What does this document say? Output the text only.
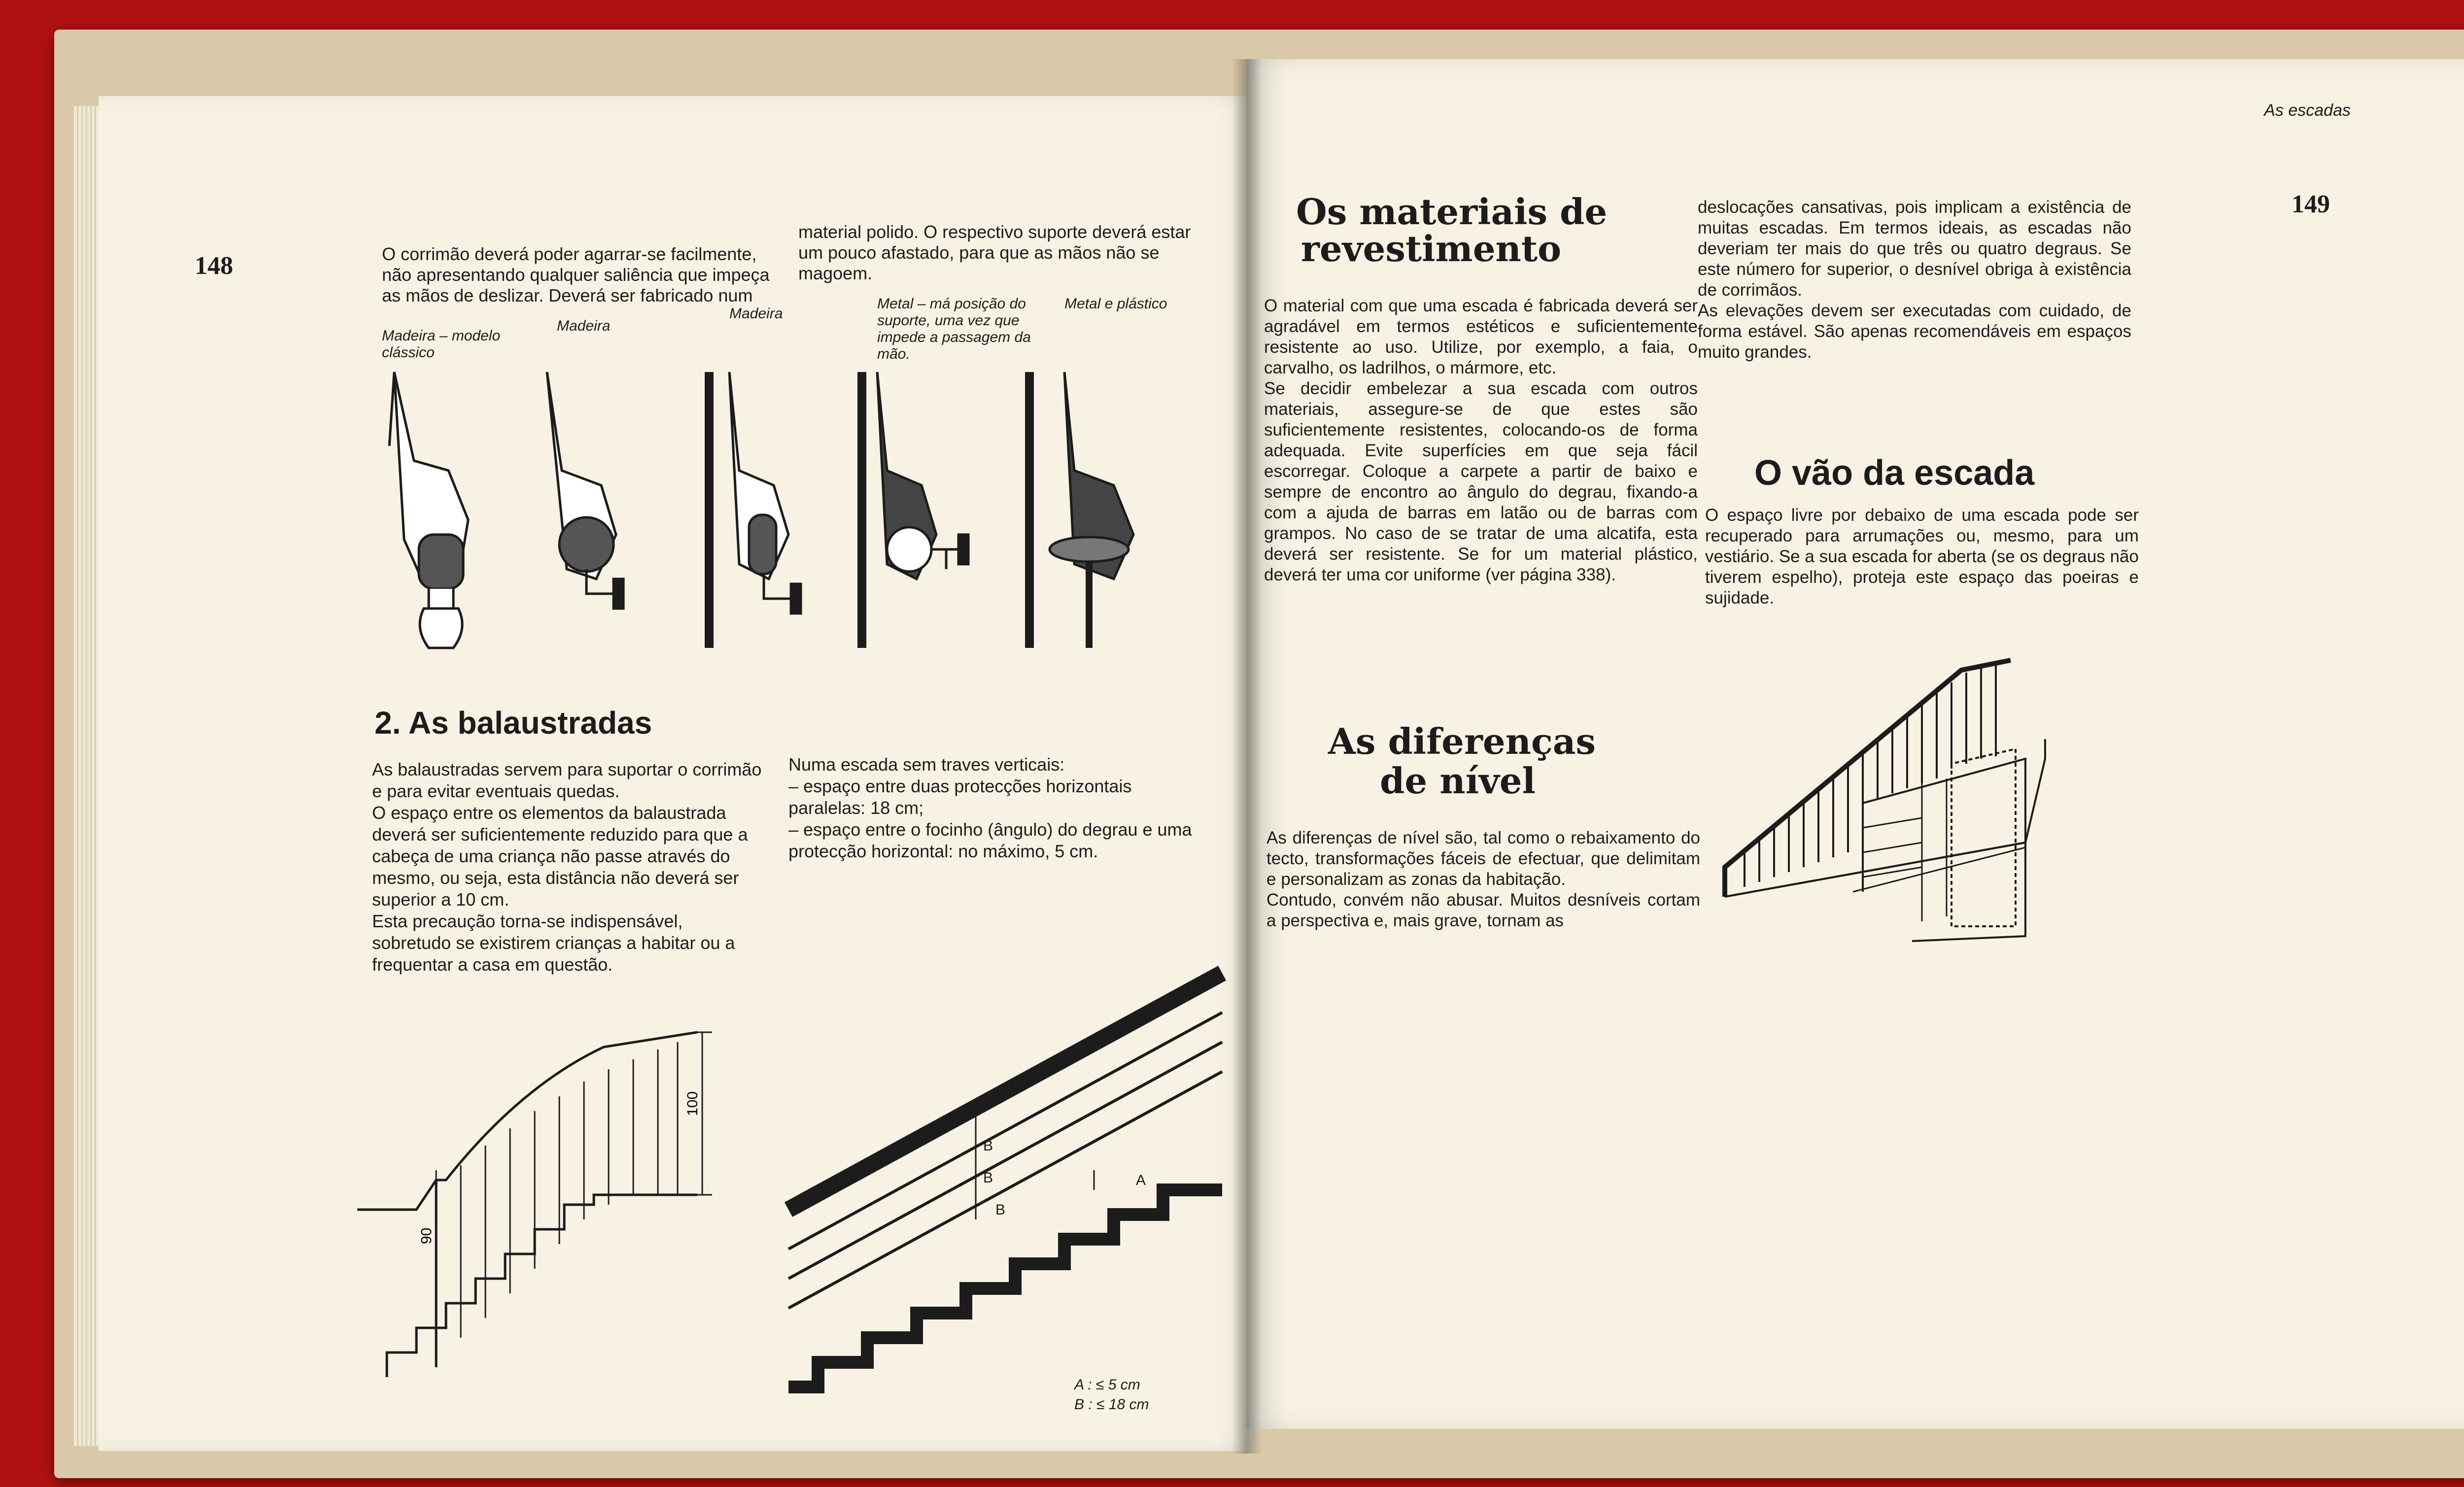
148	O corrimão deverá poder agarrar-se facilmente, não apresentando qualquer saliência que impeça as mãos de deslizar. Deverá ser fabricado num

material polido. O respectivo suporte deverá estar um pouco afastado, para que as mãos não se magoem.

Madeira – modelo clássico
Madeira
Madeira
Metal – má posição do suporte, uma vez que impede a passagem da mão.
Metal e plástico
2. As balaustradas

As balaustradas servem para suportar o corrimão e para evitar eventuais quedas.
O espaço entre os elementos da balaustrada deverá ser suficientemente reduzido para que a cabeça de uma criança não passe através do mesmo, ou seja, esta distância não deverá ser superior a 10 cm.
Esta precaução torna-se indispensável, sobretudo se existirem crianças a habitar ou a frequentar a casa em questão.

Numa escada sem traves verticais:
– espaço entre duas protecções horizontais paralelas: 18 cm;
– espaço entre o focinho (ângulo) do degrau e uma protecção horizontal: no máximo, 5 cm.

100
90
B
B
B
A
A : ≤ 5 cm
B : ≤ 18 cm
As escadas
149
Os materiais de
revestimento

O material com que uma escada é fabricada deverá ser agradável em termos estéticos e suficientemente resistente ao uso. Utilize, por exemplo, a faia, o carvalho, os ladrilhos, o mármore, etc.
Se decidir embelezar a sua escada com outros materiais, assegure-se de que estes são suficientemente resistentes, colocando-os de forma adequada. Evite superfícies em que seja fácil escorregar. Coloque a carpete a partir de baixo e sempre de encontro ao ângulo do degrau, fixando-a com a ajuda de barras em latão ou de barras com grampos. No caso de se tratar de uma alcatifa, esta deverá ser resistente. Se for um material plástico, deverá ter uma cor uniforme (ver página 338).

deslocações cansativas, pois implicam a existência de muitas escadas. Em termos ideais, as escadas não deveriam ter mais do que três ou quatro degraus. Se este número for superior, o desnível obriga à existência de corrimãos.
As elevações devem ser executadas com cuidado, de forma estável. São apenas recomendáveis em espaços muito grandes.

O vão da escada

O espaço livre por debaixo de uma escada pode ser recuperado para arrumações ou, mesmo, para um vestiário. Se a sua escada for aberta (se os degraus não tiverem espelho), proteja este espaço das poeiras e sujidade.

As diferenças
de nível

As diferenças de nível são, tal como o rebaixamento do tecto, transformações fáceis de efectuar, que delimitam e personalizam as zonas da habitação.
Contudo, convém não abusar. Muitos desníveis cortam a perspectiva e, mais grave, tornam as
